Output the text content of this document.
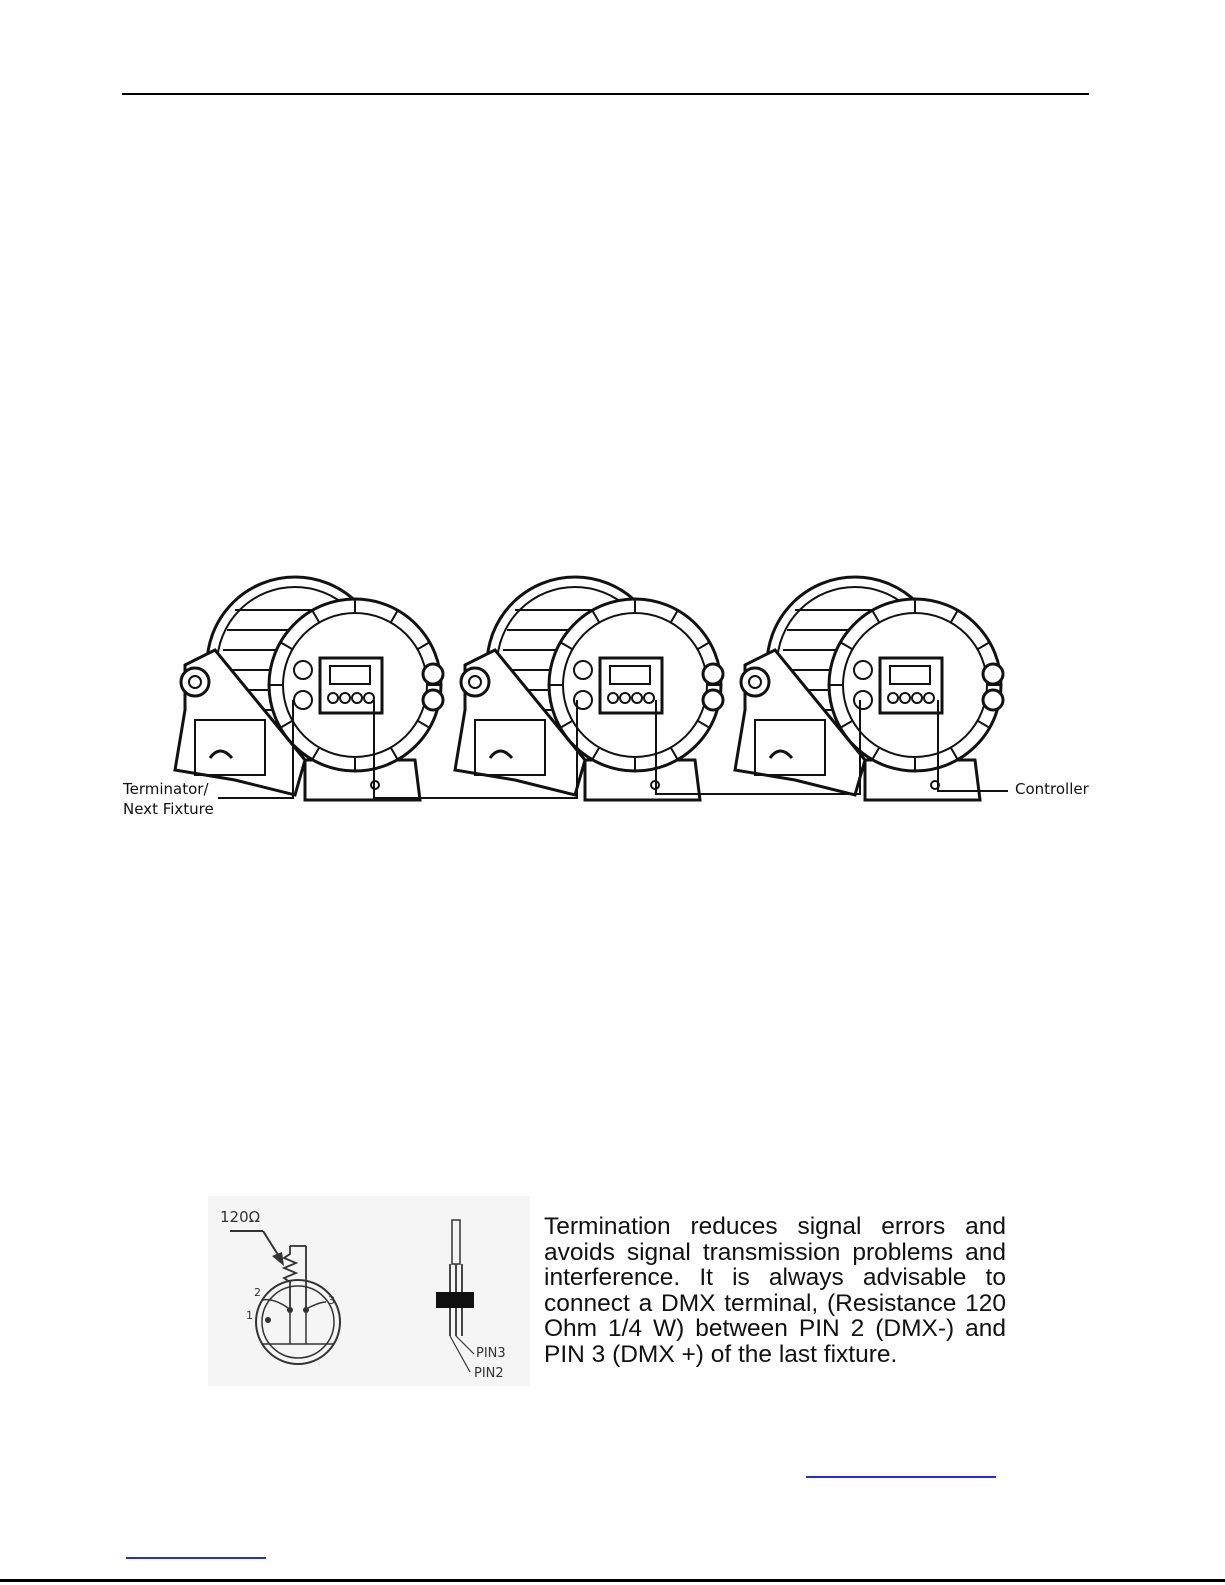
Terminator/
Next Fixture
Controller
120Ω
1
2
3
PIN3
PIN2
Termination reduces signal errors and avoids signal transmission problems and interference. It is always advisable to connect a DMX terminal, (Resistance 120 Ohm 1/4 W) between PIN 2 (DMX-) and PIN 3 (DMX +) of the last fixture.
